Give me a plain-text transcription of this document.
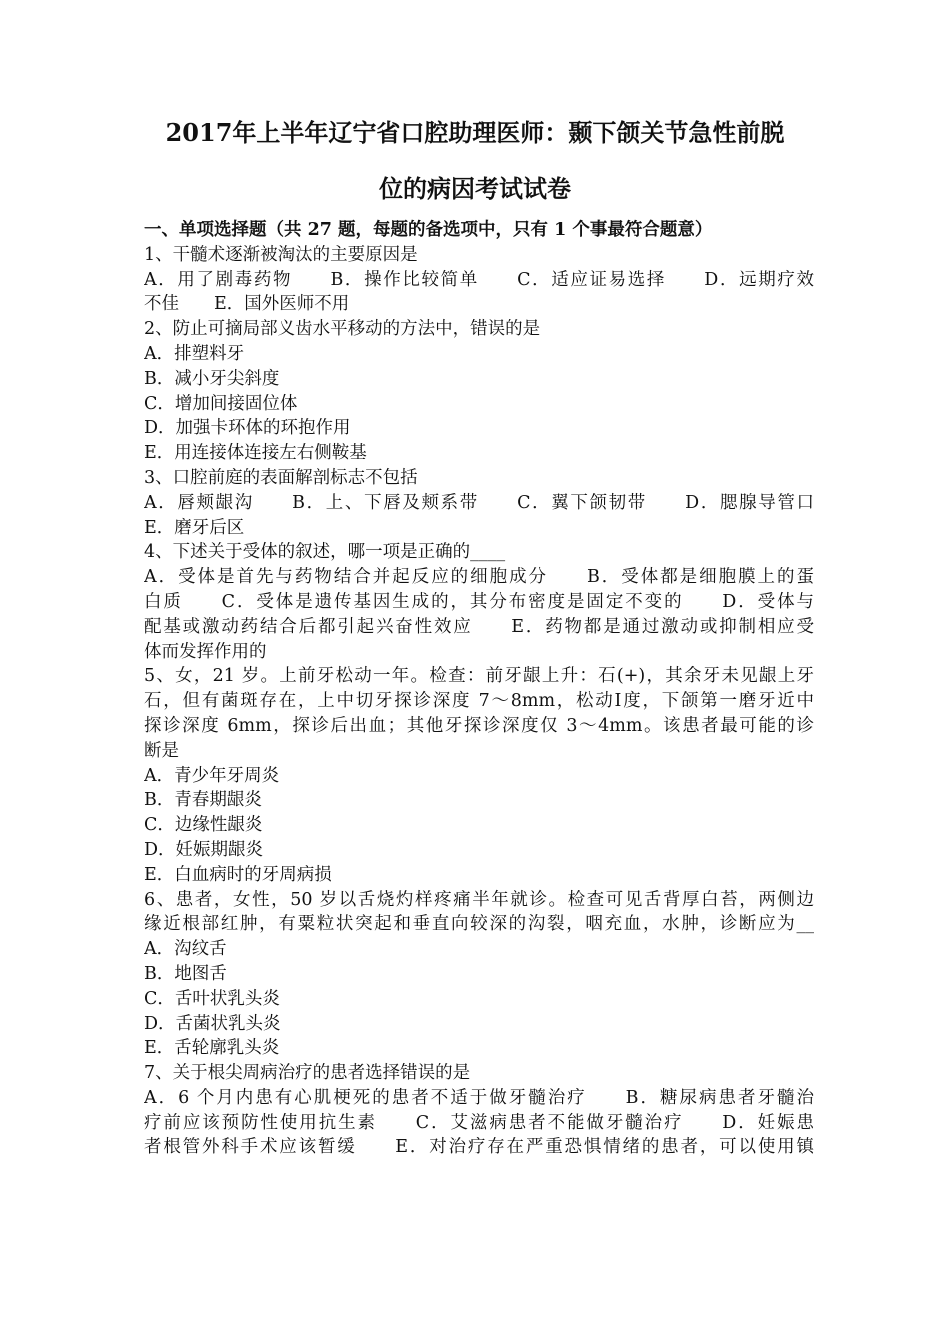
2017年上半年辽宁省口腔助理医师：颞下颌关节急性前脱
位的病因考试试卷
一、单项选择题（共 27 题，每题的备选项中，只有 1 个事最符合题意）
1、干髓术逐渐被淘汰的主要原因是
A．用了剧毒药物　　B．操作比较简单　　C．适应证易选择　　D．远期疗效
不佳　　E．国外医师不用
2、防止可摘局部义齿水平移动的方法中，错误的是
A．排塑料牙
B．减小牙尖斜度
C．增加间接固位体
D．加强卡环体的环抱作用
E．用连接体连接左右侧鞍基
3、口腔前庭的表面解剖标志不包括
A．唇颊龈沟　　B．上、下唇及颊系带　　C．翼下颌韧带　　D．腮腺导管口
E．磨牙后区
4、下述关于受体的叙述，哪一项是正确的____
A．受体是首先与药物结合并起反应的细胞成分　　B．受体都是细胞膜上的蛋
白质　　C．受体是遗传基因生成的，其分布密度是固定不变的　　D．受体与
配基或激动药结合后都引起兴奋性效应　　E．药物都是通过激动或抑制相应受
体而发挥作用的
5、女，21 岁。上前牙松动一年。检查：前牙龈上升：石(+)，其余牙未见龈上牙
石，但有菌斑存在，上中切牙探诊深度 7～8mm，松动Ⅰ度，下颌第一磨牙近中
探诊深度 6mm，探诊后出血；其他牙探诊深度仅 3～4mm。该患者最可能的诊
断是
A．青少年牙周炎
B．青春期龈炎
C．边缘性龈炎
D．妊娠期龈炎
E．白血病时的牙周病损
6、患者，女性，50 岁以舌烧灼样疼痛半年就诊。检查可见舌背厚白苔，两侧边
缘近根部红肿，有粟粒状突起和垂直向较深的沟裂，咽充血，水肿，诊断应为__
A．沟纹舌
B．地图舌
C．舌叶状乳头炎
D．舌菌状乳头炎
E．舌轮廓乳头炎
7、关于根尖周病治疗的患者选择错误的是
A．6 个月内患有心肌梗死的患者不适于做牙髓治疗　　B．糖尿病患者牙髓治
疗前应该预防性使用抗生素　　C．艾滋病患者不能做牙髓治疗　　D．妊娠患
者根管外科手术应该暂缓　　E．对治疗存在严重恐惧情绪的患者，可以使用镇
